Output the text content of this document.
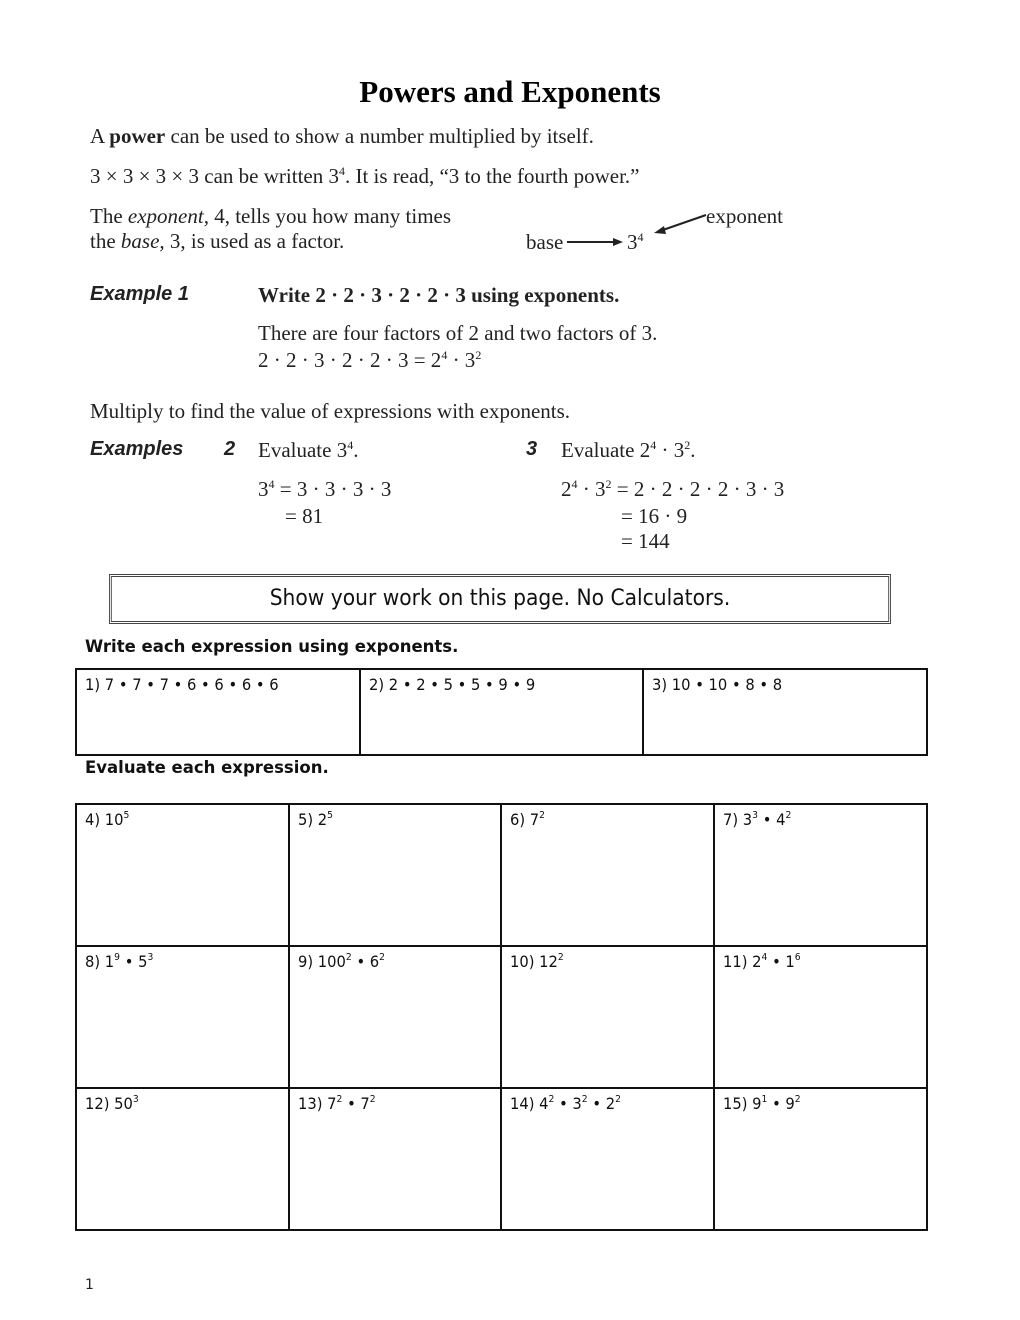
Powers and Exponents
A power can be used to show a number multiplied by itself.
3 × 3 × 3 × 3 can be written $3^4$. It is read, “3 to the fourth power.”
The exponent, 4, tells you how many times
the base, 3, is used as a factor.	base	$3^4$
exponent
Example 1	Write 2 · 2 · 3 · 2 · 2 · 3 using exponents.
There are four factors of 2 and two factors of 3.
$2 \cdot 2 \cdot 3 \cdot 2 \cdot 2 \cdot 3 = 2^4 \cdot 3^2$
Multiply to find the value of expressions with exponents.
Examples 2 Evaluate $3^4$.
$3^4 = 3 \cdot 3 \cdot 3 \cdot 3$
= 81
3 Evaluate $2^4 \cdot 3^2$.
$2^4 \cdot 3^2 = 2 \cdot 2 \cdot 2 \cdot 2 \cdot 3 \cdot 3$
= 16 · 9
= 144
Show your work on this page. No Calculators.
Write each expression using exponents.
1) 7 • 7 • 7 • 6 • 6 • 6 • 6	2) 2 • 2 • 5 • 5 • 9 • 9	3) 10 • 10 • 8 • 8
Evaluate each expression.
4) $10^5$	5) $2^5$	6) $7^2$	7) $3^3$ • $4^2$
8) $1^9$ • $5^3$	9) $100^2$ • $6^2$	10) $12^2$	11) $2^4$ • $1^6$
12) $50^3$	13) $7^2$ • $7^2$	14) $4^2$ • $3^2$ • $2^2$	15) $9^1$ • $9^2$
1
